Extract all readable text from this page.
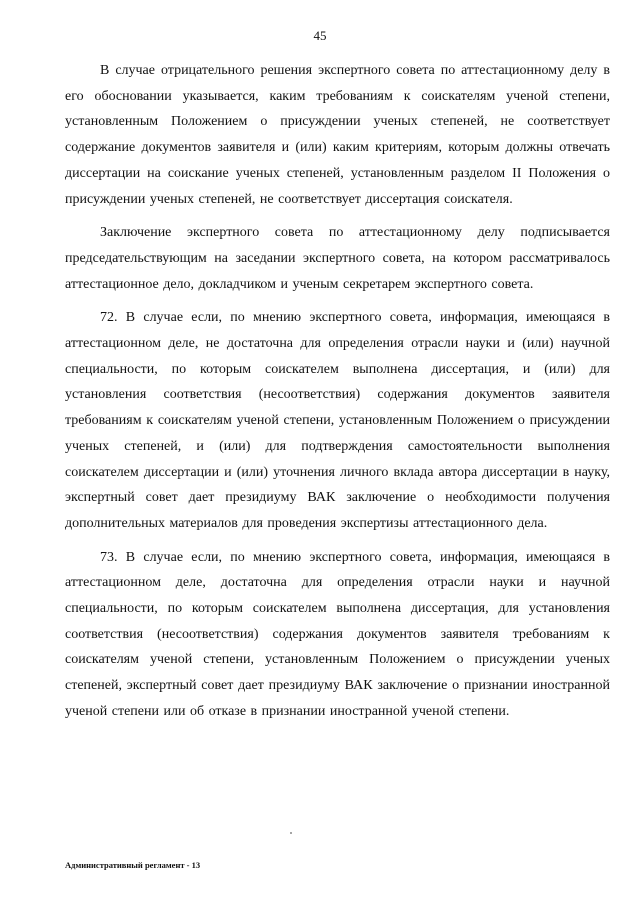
45

В случае отрицательного решения экспертного совета по аттестационному делу в его обосновании указывается, каким требованиям к соискателям ученой степени, установленным Положением о присуждении ученых степеней, не соответствует содержание документов заявителя и (или) каким критериям, которым должны отвечать диссертации на соискание ученых степеней, установленным разделом II Положения о присуждении ученых степеней, не соответствует диссертация соискателя.

Заключение экспертного совета по аттестационному делу подписывается председательствующим на заседании экспертного совета, на котором рассматривалось аттестационное дело, докладчиком и ученым секретарем экспертного совета.

72. В случае если, по мнению экспертного совета, информация, имеющаяся в аттестационном деле, не достаточна для определения отрасли науки и (или) научной специальности, по которым соискателем выполнена диссертация, и (или) для установления соответствия (несоответствия) содержания документов заявителя требованиям к соискателям ученой степени, установленным Положением о присуждении ученых степеней, и (или) для подтверждения самостоятельности выполнения соискателем диссертации и (или) уточнения личного вклада автора диссертации в науку, экспертный совет дает президиуму ВАК заключение о необходимости получения дополнительных материалов для проведения экспертизы аттестационного дела.

73. В случае если, по мнению экспертного совета, информация, имеющаяся в аттестационном деле, достаточна для определения отрасли науки и научной специальности, по которым соискателем выполнена диссертация, для установления соответствия (несоответствия) содержания документов заявителя требованиям к соискателям ученой степени, установленным Положением о присуждении ученых степеней, экспертный совет дает президиуму ВАК заключение о признании иностранной ученой степени или об отказе в признании иностранной ученой степени.

Административный регламент - 13
